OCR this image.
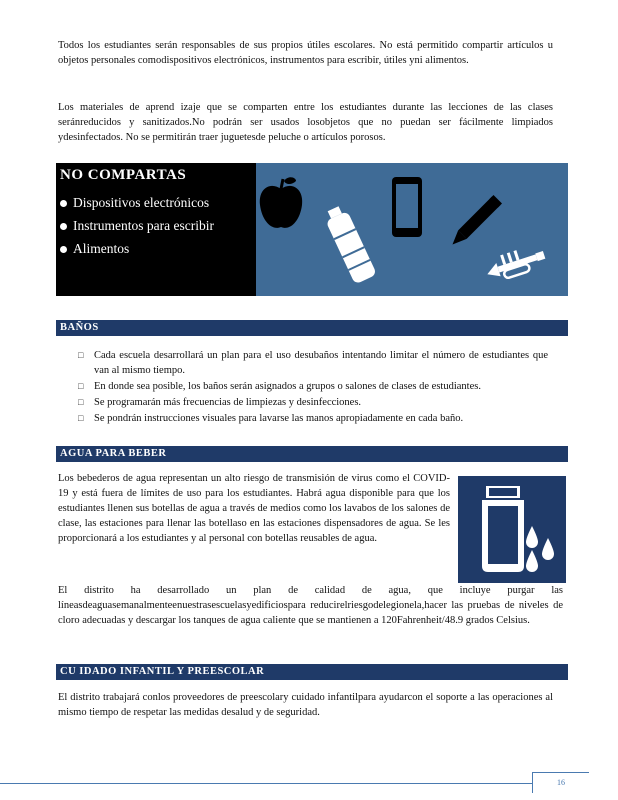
Todos los estudiantes serán responsables de sus propios útiles escolares. No está permitido compartir artículos u objetos personales comodispositivos electrónicos, instrumentos para escribir, útiles yni alimentos.

Los materiales de aprend izaje que se comparten entre los estudiantes durante las lecciones de las clases seránreducidos y sanitizados.No podrán ser usados losobjetos que no puedan ser fácilmente limpiados ydesinfectados. No se permitirán traer juguetesde peluche o artículos porosos.

NO COMPARTAS
Dispositivos electrónicos
Instrumentos para escribir
Alimentos
BAÑOS
□ Cada escuela desarrollará un plan para el uso desubaños intentando limitar el número de estudiantes que van al mismo tiempo.
□ En donde sea posible, los baños serán asignados a grupos o salones de clases de estudiantes.
□ Se programarán más frecuencias de limpiezas y desinfecciones.
□ Se pondrán instrucciones visuales para lavarse las manos apropiadamente en cada baño.
AGUA PARA BEBER

Los bebederos de agua representan un alto riesgo de transmisión de virus como el COVID-19 y está fuera de límites de uso para los estudiantes. Habrá agua disponible para que los estudiantes llenen sus botellas de agua a través de medios como los lavabos de los salones de clase, las estaciones para llenar las botellaso en las estaciones dispensadores de agua. Se les proporcionará a los estudiantes y al personal con botellas reusables de agua.

El distrito ha desarrollado un plan de calidad de agua, que incluye purgar las líneasdeaguasemanalmenteenuestrasescuelasyedificiospara reducirelriesgodelegionela,hacer las pruebas de niveles de cloro adecuadas y descargar los tanques de agua caliente que se mantienen a 120Fahrenheit/48.9 grados Celsius.

CU IDADO INFANTIL Y PREESCOLAR

El distrito trabajará conlos proveedores de preescolary cuidado infantilpara ayudarcon el soporte a las operaciones al mismo tiempo de respetar las medidas desalud y de seguridad.

16
